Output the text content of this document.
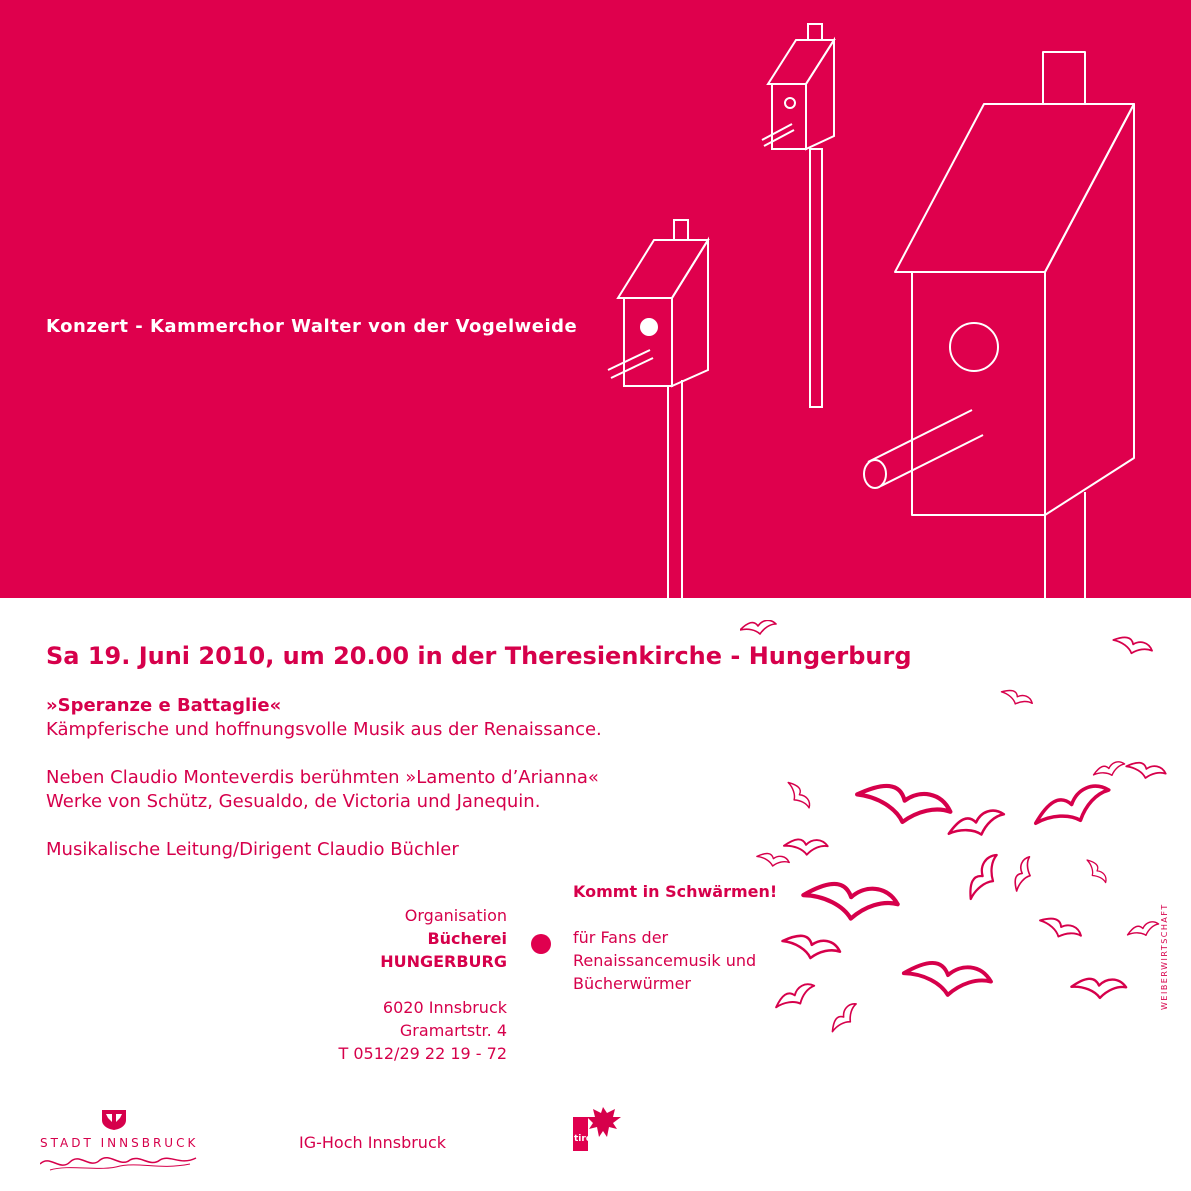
Konzert - Kammerchor Walter von der Vogelweide
Sa 19. Juni 2010, um 20.00 in der Theresienkirche - Hungerburg
»Speranze e Battaglie«
Kämpferische und hoffnungsvolle Musik aus der Renaissance.
Neben Claudio Monteverdis berühmten »Lamento d’Arianna«
Werke von Schütz, Gesualdo, de Victoria und Janequin.
Musikalische Leitung/Dirigent Claudio Büchler
Organisation
Bücherei
HUNGERBURG
6020 Innsbruck
Gramartstr. 4
T 0512/29 22 19 - 72
Kommt in Schwärmen!
für Fans der
Renaissancemusik und
Bücherwürmer	WEIBERWIRTSCHAFT
STADT INNSBRUCK	IG-Hoch Innsbruck	tirol
